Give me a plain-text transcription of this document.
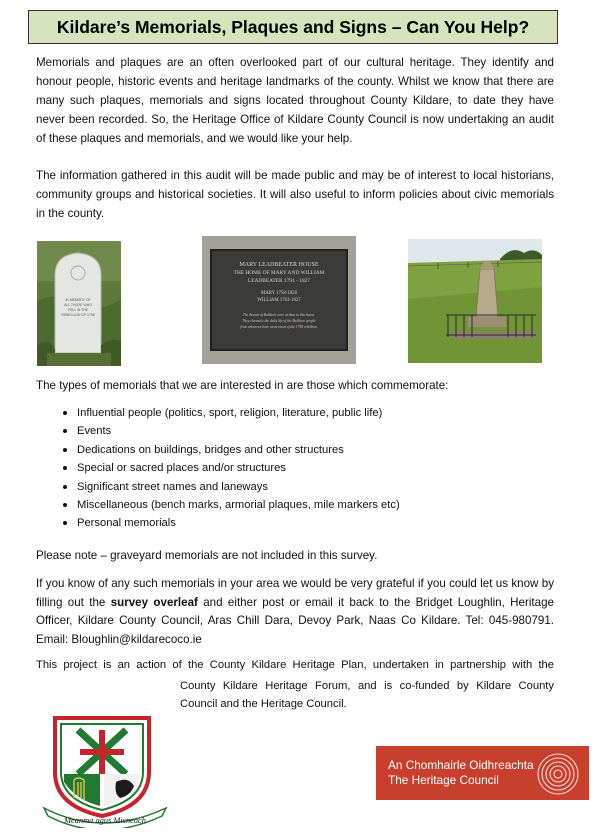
Kildare’s Memorials, Plaques and Signs – Can You Help?

Memorials and plaques are an often overlooked part of our cultural heritage. They identify and honour people, historic events and heritage landmarks of the county. Whilst we know that there are many such plaques, memorials and signs located throughout County Kildare, to date they have never been recorded. So, the Heritage Office of Kildare County Council is now undertaking an audit of these plaques and memorials, and we would like your help.

The information gathered in this audit will be made public and may be of interest to local historians, community groups and historical societies. It will also useful to inform policies about civic memorials in the county.

IN MEMORY OF
ALL THOSE WHO
FELL IN THE
REBELLION OF 1798
MARY LEADBEATER HOUSE
THE HOME OF MARY AND WILLIAM
LEADBEATER 1791 - 1827
MARY 1758-1826
WILLIAM 1763-1827
The Annals of Ballitore were written in this house.
They chronicle the daily life of the Ballitore people
from whom we have an account of the 1798 rebellion.

The types of memorials that we are interested in are those which commemorate:

Influential people (politics, sport, religion, literature, public life)
Events
Dedications on buildings, bridges and other structures
Special or sacred places and/or structures
Significant street names and laneways
Miscellaneous (bench marks, armorial plaques, mile markers etc)
Personal memorials

Please note – graveyard memorials are not included in this survey.

If you know of any such memorials in your area we would be very grateful if you could let us know by filling out the survey overleaf and either post or email it back to the Bridget Loughlin, Heritage Officer, Kildare County Council, Aras Chill Dara, Devoy Park, Naas Co Kildare. Tel: 045-980791. Email: Bloughlin@kildarecoco.ie

This project is an action of the County Kildare Heritage Plan, undertaken in partnership with the

County Kildare Heritage Forum, and is co-funded by Kildare County Council and the Heritage Council.

Meanma agus Misneach
An Chomhairle Oidhreachta
The Heritage Council
